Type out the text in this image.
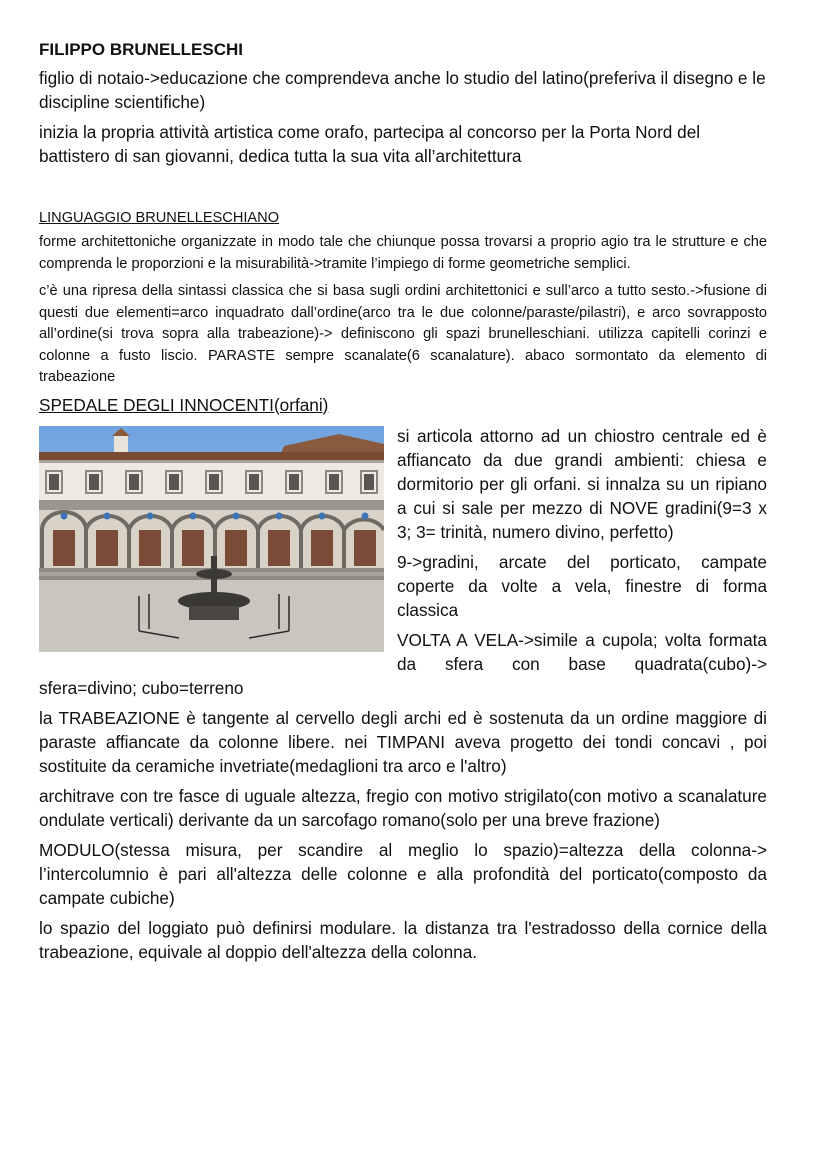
FILIPPO BRUNELLESCHI

figlio di notaio->educazione che comprendeva anche lo studio del latino(preferiva il disegno e le discipline scientifiche)

inizia la propria attività artistica come orafo, partecipa al concorso per la Porta Nord del battistero di san giovanni, dedica tutta la sua vita all’architettura

LINGUAGGIO BRUNELLESCHIANO

forme architettoniche organizzate in modo tale che chiunque possa trovarsi a proprio agio tra le strutture e che comprenda le proporzioni e la misurabilità->tramite l’impiego di forme geometriche semplici.

c’è una ripresa della sintassi classica che si basa sugli ordini architettonici e sull’arco a tutto sesto.->fusione di questi due elementi=arco inquadrato dall’ordine(arco tra le due colonne/paraste/pilastri), e arco sovrapposto all’ordine(si trova sopra alla trabeazione)-> definiscono gli spazi brunelleschiani. utilizza capitelli corinzi e colonne a fusto liscio. PARASTE sempre scanalate(6 scanalature). abaco sormontato da elemento di trabeazione

SPEDALE DEGLI INNOCENTI(orfani)

si articola attorno ad un chiostro centrale ed è affiancato da due grandi ambienti: chiesa e dormitorio per gli orfani. si innalza su un ripiano a cui si sale per mezzo di NOVE gradini(9=3 x 3; 3= trinità, numero divino, perfetto)

9->gradini, arcate del porticato, campate coperte da volte a vela, finestre di forma classica

VOLTA A VELA->simile a cupola; volta formata da sfera con base quadrata(cubo)-> sfera=divino; cubo=terreno

la TRABEAZIONE è tangente al cervello degli archi ed è sostenuta da un ordine maggiore di paraste affiancate da colonne libere. nei TIMPANI aveva progetto dei tondi concavi , poi sostituite da ceramiche invetriate(medaglioni tra arco e l'altro)

architrave con tre fasce di uguale altezza, fregio con motivo strigilato(con motivo a scanalature ondulate verticali) derivante da un sarcofago romano(solo per una breve frazione)

MODULO(stessa misura, per scandire al meglio lo spazio)=altezza della colonna-> l’intercolumnio è pari all'altezza delle colonne e alla profondità del porticato(composto da campate cubiche)

lo spazio del loggiato può definirsi modulare. la distanza tra l'estradosso della cornice della trabeazione, equivale al doppio dell'altezza della colonna.
